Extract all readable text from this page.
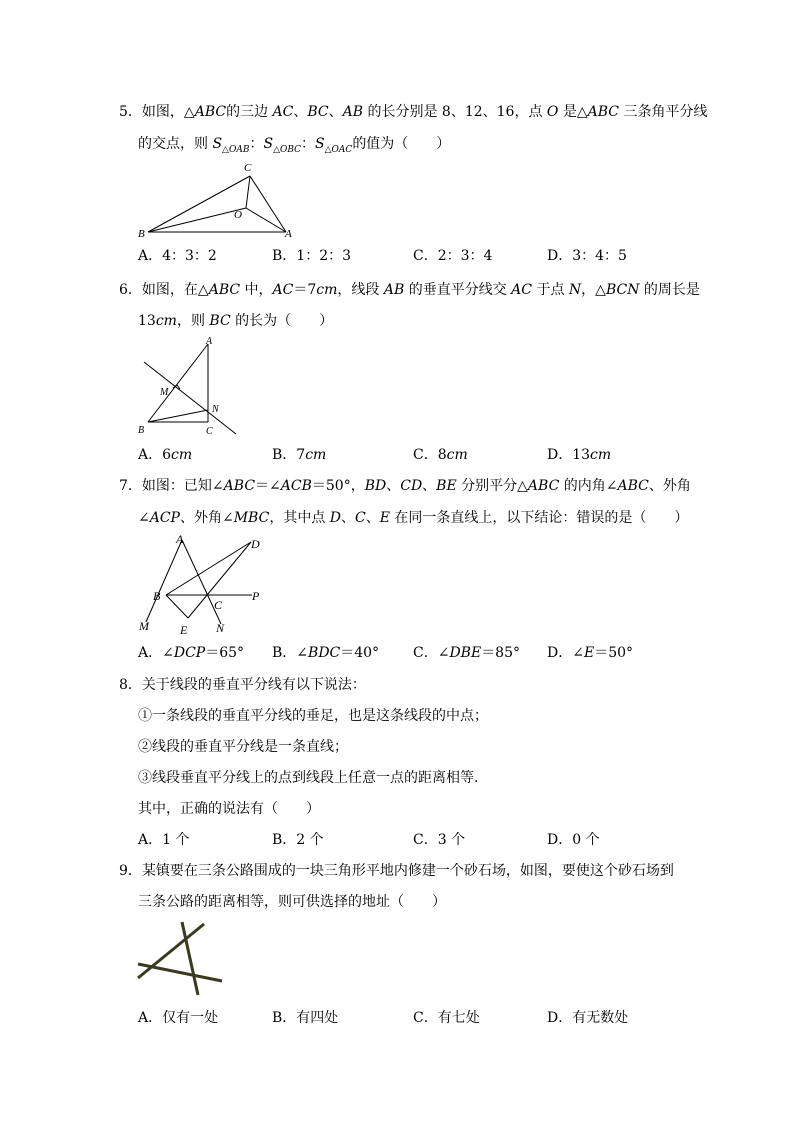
5．如图，△ABC的三边 AC、BC、AB 的长分别是 8、12、16，点 O 是△ABC 三条角平分线
的交点，则 $S_{\triangle OAB}$：$S_{\triangle OBC}$：$S_{\triangle OAC}$的值为（　　）
C
O
B	A
A．4：3：2	B．1：2：3	C．2：3：4	D．3：4：5
6．如图，在△ABC 中，AC＝7cm，线段 AB 的垂直平分线交 AC 于点 N，△BCN 的周长是
13cm，则 BC 的长为（　　）
A
M
N
B	C
A．6cm	B．7cm	C．8cm	D．13cm
7．如图：已知∠ABC＝∠ACB＝50°，BD、CD、BE 分别平分△ABC 的内角∠ABC、外角
∠ACP、外角∠MBC，其中点 D、C、E 在同一条直线上，以下结论：错误的是（　　）
A	D
B
C
P
E
M	N
A．∠DCP＝65° B．∠BDC＝40° C．∠DBE＝85° D．∠E＝50°
8．关于线段的垂直平分线有以下说法：
①一条线段的垂直平分线的垂足，也是这条线段的中点；
②线段的垂直平分线是一条直线；
③线段垂直平分线上的点到线段上任意一点的距离相等．
其中，正确的说法有（　　）
A．1 个	B．2 个	C．3 个	D．0 个
9．某镇要在三条公路围成的一块三角形平地内修建一个砂石场，如图，要使这个砂石场到
三条公路的距离相等，则可供选择的地址（　　）
A．仅有一处	B．有四处	C．有七处	D．有无数处
